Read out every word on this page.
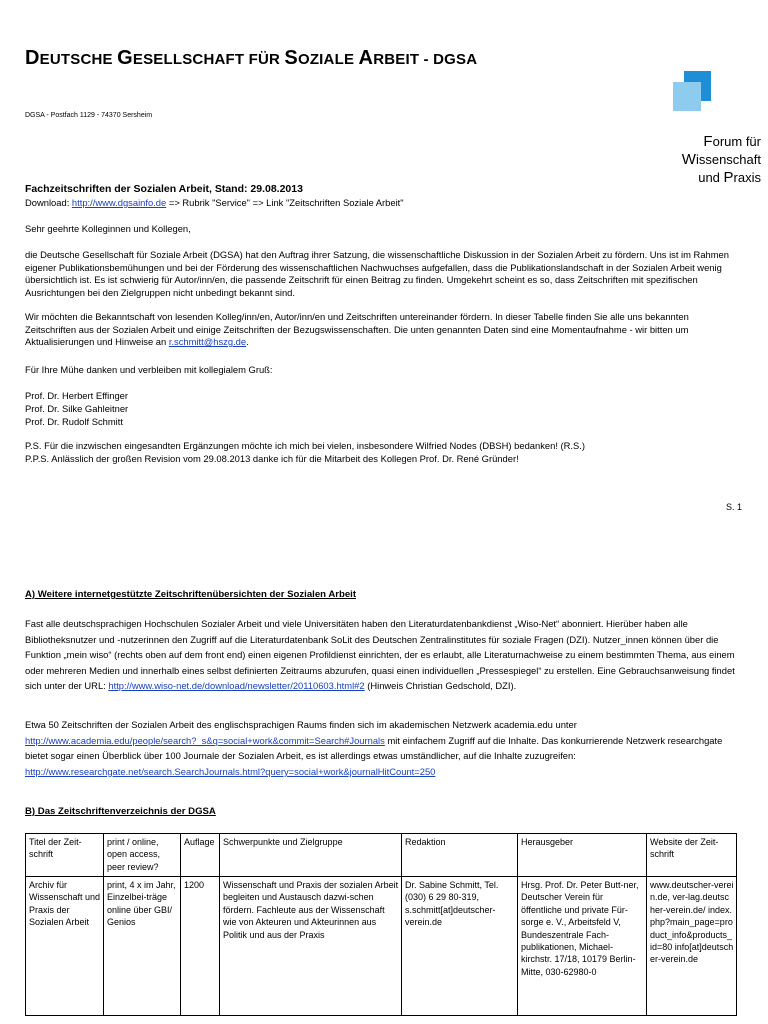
DEUTSCHE GESELLSCHAFT FÜR SOZIALE ARBEIT - DGSA
DGSA - Postfach 1129 - 74370 Sersheim
Forum für
Wissenschaft
und Praxis
Fachzeitschriften der Sozialen Arbeit, Stand: 29.08.2013
Download: http://www.dgsainfo.de => Rubrik "Service" => Link "Zeitschriften Soziale Arbeit"
Sehr geehrte Kolleginnen und Kollegen,
die Deutsche Gesellschaft für Soziale Arbeit (DGSA) hat den Auftrag ihrer Satzung, die wissenschaftliche Diskussion in der Sozialen Arbeit zu fördern. Uns ist im Rahmen eigener Publikationsbemühungen und bei der Förderung des wissenschaftlichen Nachwuchses aufgefallen, dass die Publikationslandschaft in der Sozialen Arbeit wenig übersichtlich ist. Es ist schwierig für Autor/inn/en, die passende Zeitschrift für einen Beitrag zu finden. Umgekehrt scheint es so, dass Zeitschriften mit spezifischen Ausrichtungen bei den Zielgruppen nicht unbedingt bekannt sind.
Wir möchten die Bekanntschaft von lesenden Kolleg/inn/en, Autor/inn/en und Zeitschriften untereinander fördern. In dieser Tabelle finden Sie alle uns bekannten Zeitschriften aus der Sozialen Arbeit und einige Zeitschriften der Bezugswissenschaften. Die unten genannten Daten sind eine Momentaufnahme - wir bitten um Aktualisierungen und Hinweise an r.schmitt@hszg.de.
Für Ihre Mühe danken und verbleiben mit kollegialem Gruß:
Prof. Dr. Herbert Effinger
Prof. Dr. Silke Gahleitner
Prof. Dr. Rudolf Schmitt
P.S. Für die inzwischen eingesandten Ergänzungen möchte ich mich bei vielen, insbesondere Wilfried Nodes (DBSH) bedanken! (R.S.)
P.P.S. Anlässlich der großen Revision vom 29.08.2013 danke ich für die Mitarbeit des Kollegen Prof. Dr. René Gründer!
S. 1
A) Weitere internetgestützte Zeitschriftenübersichten der Sozialen Arbeit
Fast alle deutschsprachigen Hochschulen Sozialer Arbeit und viele Universitäten haben den Literaturdatenbankdienst „Wiso-Net“ abonniert. Hierüber haben alle Bibliotheksnutzer und -nutzerinnen den Zugriff auf die Literaturdatenbank SoLit des Deutschen Zentralinstitutes für soziale Fragen (DZI). Nutzer_innen können über die Funktion „mein wiso“ (rechts oben auf dem front end) einen eigenen Profildienst einrichten, der es erlaubt, alle Literaturnachweise zu einem bestimmten Thema, aus einem oder mehreren Medien und innerhalb eines selbst definierten Zeitraums abzurufen, quasi einen individuellen „Pressespiegel“ zu erstellen. Eine Gebrauchsanweisung findet sich unter der URL: http://www.wiso-net.de/download/newsletter/20110603.html#2 (Hinweis Christian Gedschold, DZI).
Etwa 50 Zeitschriften der Sozialen Arbeit des englischsprachigen Raums finden sich im akademischen Netzwerk academia.edu unter
http://www.academia.edu/people/search?_s&q=social+work&commit=Search#Journals mit einfachem Zugriff auf die Inhalte. Das konkurrierende Netzwerk researchgate bietet sogar einen Überblick über 100 Journale der Sozialen Arbeit, es ist allerdings etwas umständlicher, auf die Inhalte zuzugreifen:
http://www.researchgate.net/search.SearchJournals.html?query=social+work&journalHitCount=250
B) Das Zeitschriftenverzeichnis der DGSA
Titel der Zeit-schrift	print / online, open access, peer review?	Auflage	Schwerpunkte und Zielgruppe	Redaktion	Herausgeber	Website der Zeit-schrift
Archiv für Wissenschaft und Praxis der Sozialen Arbeit	print, 4 x im Jahr, Einzelbei-träge online über GBI/ Genios	1200	Wissenschaft und Praxis der sozialen Arbeit begleiten und Austausch dazwi-schen fördern. Fachleute aus der Wissenschaft wie von Akteuren und Akteurinnen aus Politik und aus der Praxis	Dr. Sabine Schmitt, Tel. (030) 6 29 80-319, s.schmitt[at]deutscher-verein.de	Hrsg. Prof. Dr. Peter Butt-ner, Deutscher Verein für öffentliche und private Für-sorge e. V., Arbeitsfeld V, Bundeszentrale Fach-publikationen, Michael-kirchstr. 17/18, 10179 Berlin-Mitte, 030-62980-0	www.deutscher-verein.de, ver-lag.deutscher-verein.de/ index.php?main_page=product_info&products_id=80 info[at]deutscher-verein.de
